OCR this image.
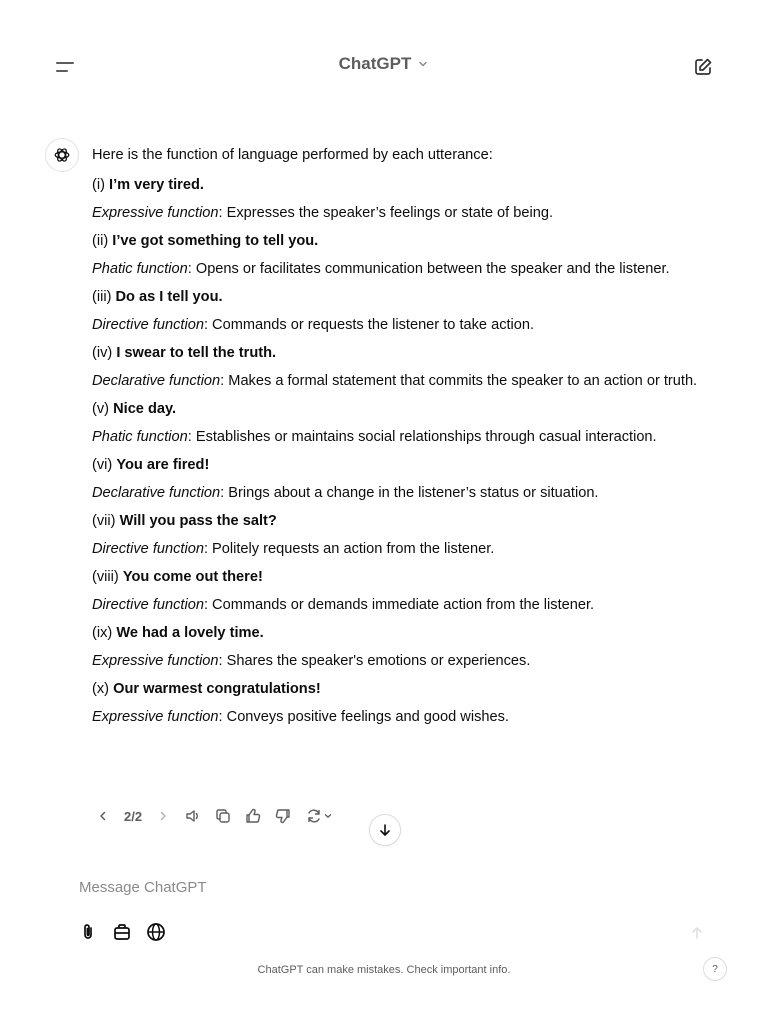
ChatGPT

Here is the function of language performed by each utterance:

(i) I’m very tired.

Expressive function: Expresses the speaker’s feelings or state of being.

(ii) I’ve got something to tell you.

Phatic function: Opens or facilitates communication between the speaker and the listener.

(iii) Do as I tell you.

Directive function: Commands or requests the listener to take action.

(iv) I swear to tell the truth.

Declarative function: Makes a formal statement that commits the speaker to an action or truth.

(v) Nice day.

Phatic function: Establishes or maintains social relationships through casual interaction.

(vi) You are fired!

Declarative function: Brings about a change in the listener’s status or situation.

(vii) Will you pass the salt?

Directive function: Politely requests an action from the listener.

(viii) You come out there!

Directive function: Commands or demands immediate action from the listener.

(ix) We had a lovely time.

Expressive function: Shares the speaker's emotions or experiences.

(x) Our warmest congratulations!

Expressive function: Conveys positive feelings and good wishes.

2/2
Message ChatGPT
ChatGPT can make mistakes. Check important info.	?
